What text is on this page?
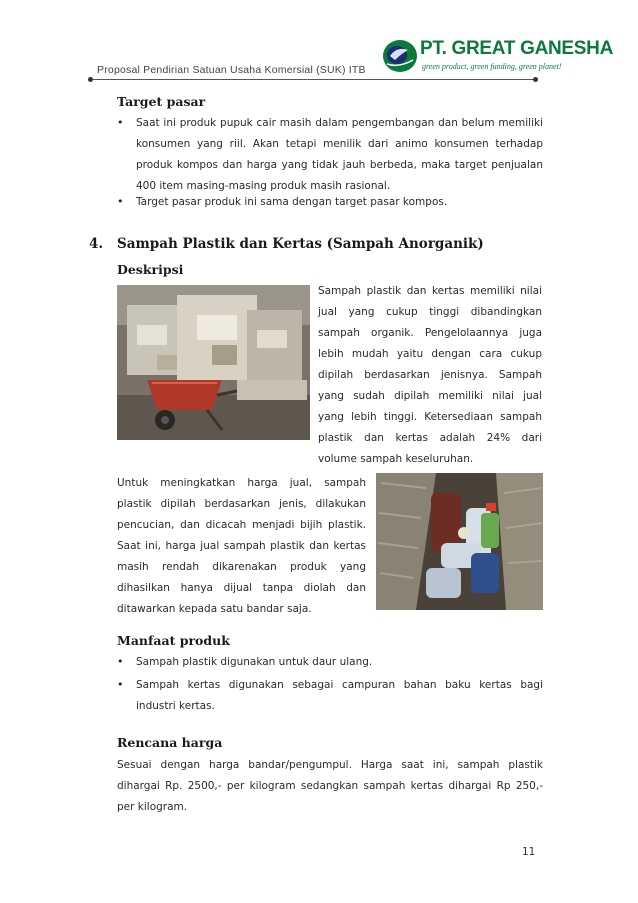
Proposal Pendirian Satuan Usaha Komersial (SUK) ITB
PT. GREAT GANESHA
green product, green funding, green planet!
Target pasar
• Saat ini produk pupuk cair masih dalam pengembangan dan belum memiliki konsumen yang riil. Akan tetapi menilik dari animo konsumen terhadap produk kompos dan harga yang tidak jauh berbeda, maka target penjualan 400 item masing-masing produk masih rasional.
• Target pasar produk ini sama dengan target pasar kompos.
4. Sampah Plastik dan Kertas (Sampah Anorganik)
Deskripsi
Sampah plastik dan kertas memiliki nilai jual yang cukup tinggi dibandingkan sampah organik. Pengelolaannya juga lebih mudah yaitu dengan cara cukup dipilah berdasarkan jenisnya. Sampah yang sudah dipilah memiliki nilai jual yang lebih tinggi. Ketersediaan sampah plastik dan kertas adalah 24% dari volume sampah keseluruhan.
Untuk meningkatkan harga jual, sampah plastik dipilah berdasarkan jenis, dilakukan pencucian, dan dicacah menjadi bijih plastik. Saat ini, harga jual sampah plastik dan kertas masih rendah dikarenakan produk yang dihasilkan hanya dijual tanpa diolah dan ditawarkan kepada satu bandar saja.
Manfaat produk
• Sampah plastik digunakan untuk daur ulang.
• Sampah kertas digunakan sebagai campuran bahan baku kertas bagi industri kertas.
Rencana harga
Sesuai dengan harga bandar/pengumpul. Harga saat ini, sampah plastik dihargai Rp. 2500,- per kilogram sedangkan sampah kertas dihargai Rp 250,- per kilogram.
11
